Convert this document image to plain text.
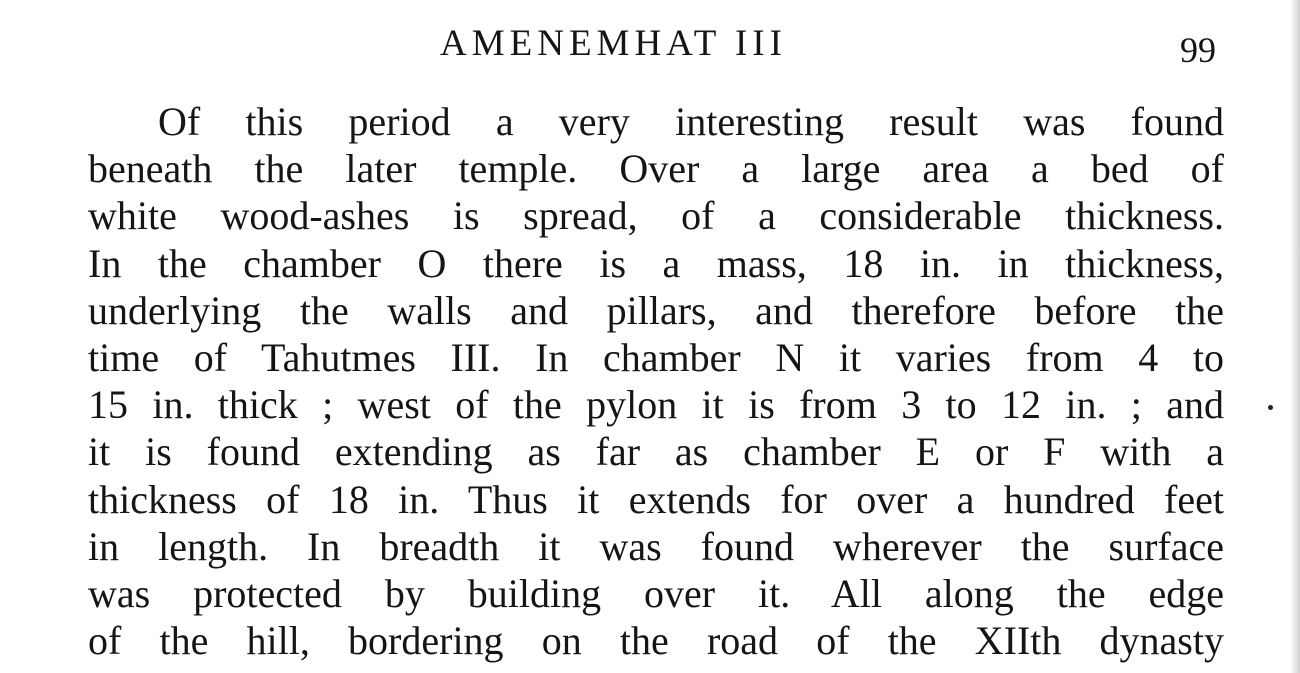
AMENEMHAT III	99
Of this period a very interesting result was found
beneath the later temple. Over a large area a bed of
white wood-ashes is spread, of a considerable thickness.
In the chamber O there is a mass, 18 in. in thickness,
underlying the walls and pillars, and therefore before the
time of Tahutmes III. In chamber N it varies from 4 to
15 in. thick ; west of the pylon it is from 3 to 12 in. ; and
it is found extending as far as chamber E or F with a
thickness of 18 in. Thus it extends for over a hundred feet
in length. In breadth it was found wherever the surface
was protected by building over it. All along the edge
of the hill, bordering on the road of the XIIth dynasty
